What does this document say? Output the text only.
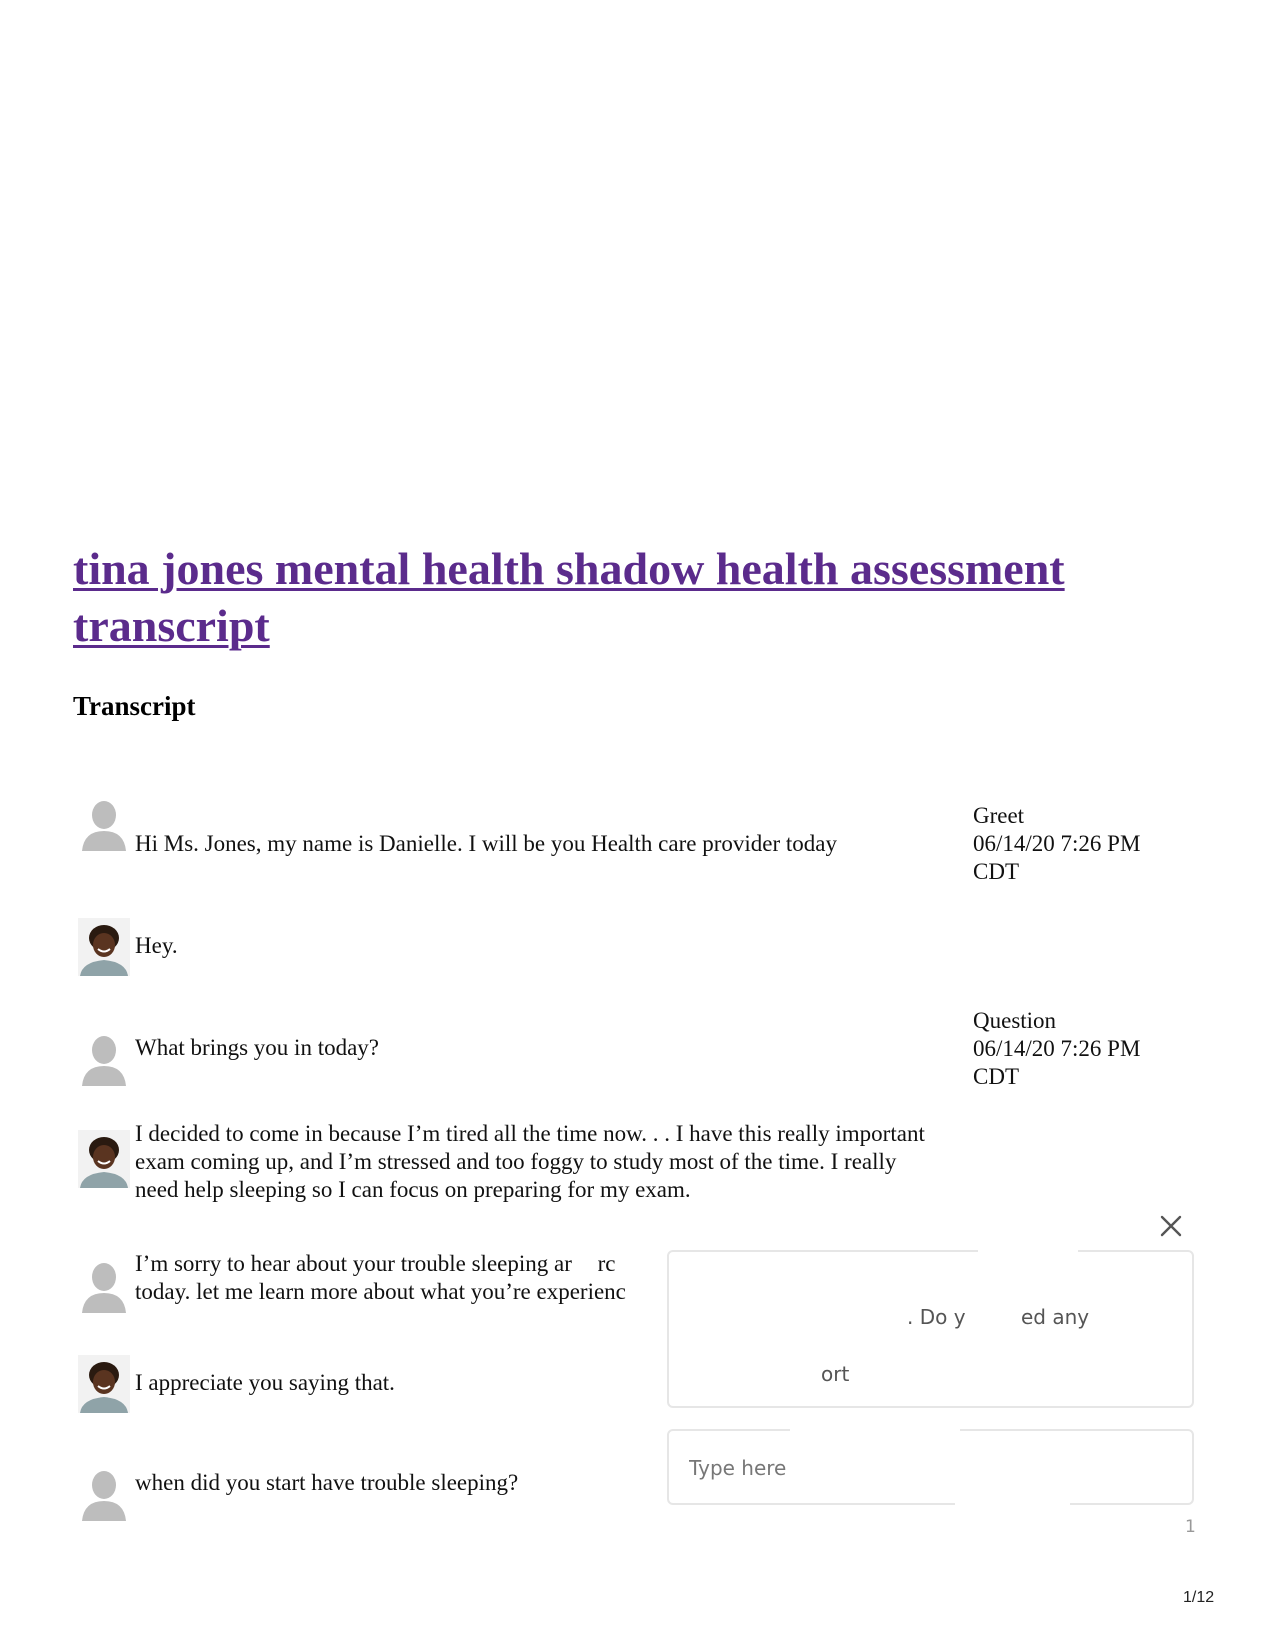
tina jones mental health shadow health assessment transcript
Transcript

Hi Ms. Jones, my name is Danielle. I will be you Health care provider today

Greet
06/14/20 7:26 PM
CDT

Hey.

What brings you in today?

Question
06/14/20 7:26 PM
CDT

I decided to come in because I’m tired all the time now. . . I have this really important exam coming up, and I’m stressed and too foggy to study most of the time. I really need help sleeping so I can focus on preparing for my exam.

I’m sorry to hear about your trouble sleeping ar rc
today. let me learn more about what you’re experienc

I appreciate you saying that.

when did you start have trouble sleeping?

. Do y	ed any
ort
Type here
1
1/12
